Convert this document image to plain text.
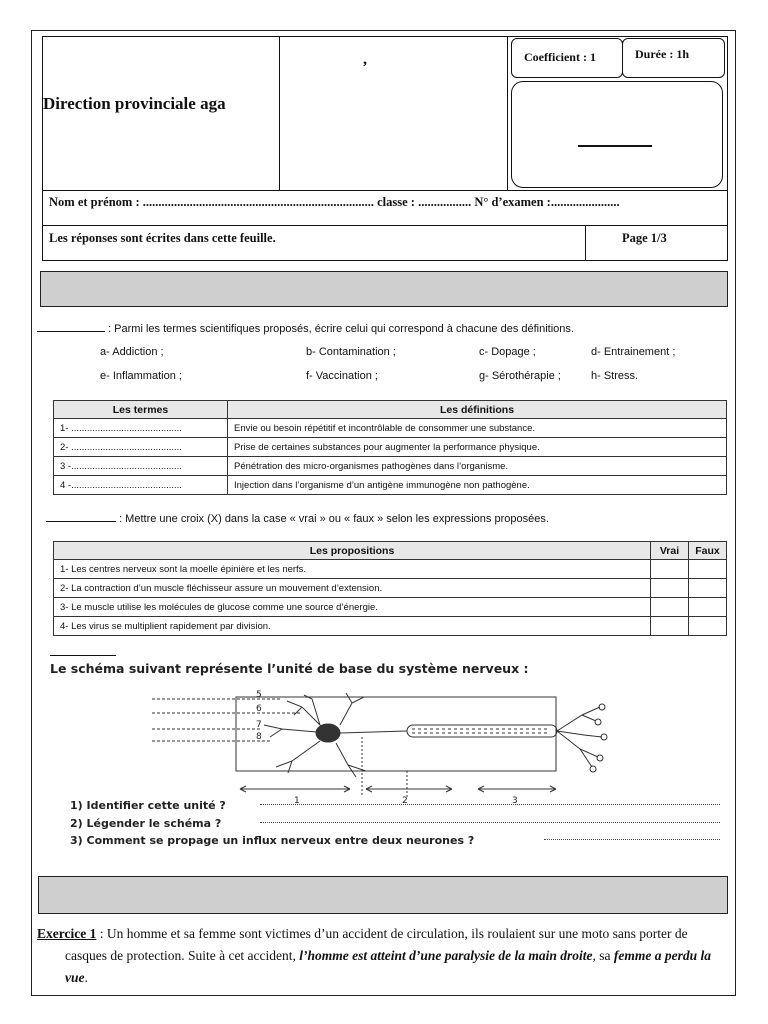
Direction provinciale aga
,	Coefficient : 1	Durée : 1h
Nom et prénom : .......................................................................... classe : ................. N° d’examen :......................
Les réponses sont écrites dans cette feuille.	Page 1/3
: Parmi les termes scientifiques proposés, écrire celui qui correspond à chacune des définitions.
a- Addiction ;	b- Contamination ;	c- Dopage ;	d- Entrainement ;
e- Inflammation ;	f- Vaccination ;	g- Sérothérapie ;	h- Stress.
Les termes	Les définitions
1- ..........................................	Envie ou besoin répétitif et incontrôlable de consommer une substance.
2- ..........................................	Prise de certaines substances pour augmenter la performance physique.
3 -..........................................	Pénétration des micro-organismes pathogènes dans l’organisme.
4 -..........................................	Injection dans l’organisme d’un antigène immunogène non pathogène.
: Mettre une croix (X) dans la case « vrai » ou « faux » selon les expressions proposées.
Les propositions	Vrai	Faux
1- Les centres nerveux sont la moelle épinière et les nerfs.		
2- La contraction d’un muscle fléchisseur assure un mouvement d’extension.		
3- Le muscle utilise les molécules de glucose comme une source d’énergie.		
4- Les virus se multiplient rapidement par division.		
Le schéma suivant représente l’unité de base du système nerveux :
5
6
7
8
1	2	3
1) Identifier cette unité ?
2) Légender le schéma ?
3) Comment se propage un influx nerveux entre deux neurones ?
Exercice 1 : Un homme et sa femme sont victimes d’un accident de circulation, ils roulaient sur une moto sans porter de casques de protection. Suite à cet accident, l’homme est atteint d’une paralysie de la main droite, sa femme a perdu la vue.
